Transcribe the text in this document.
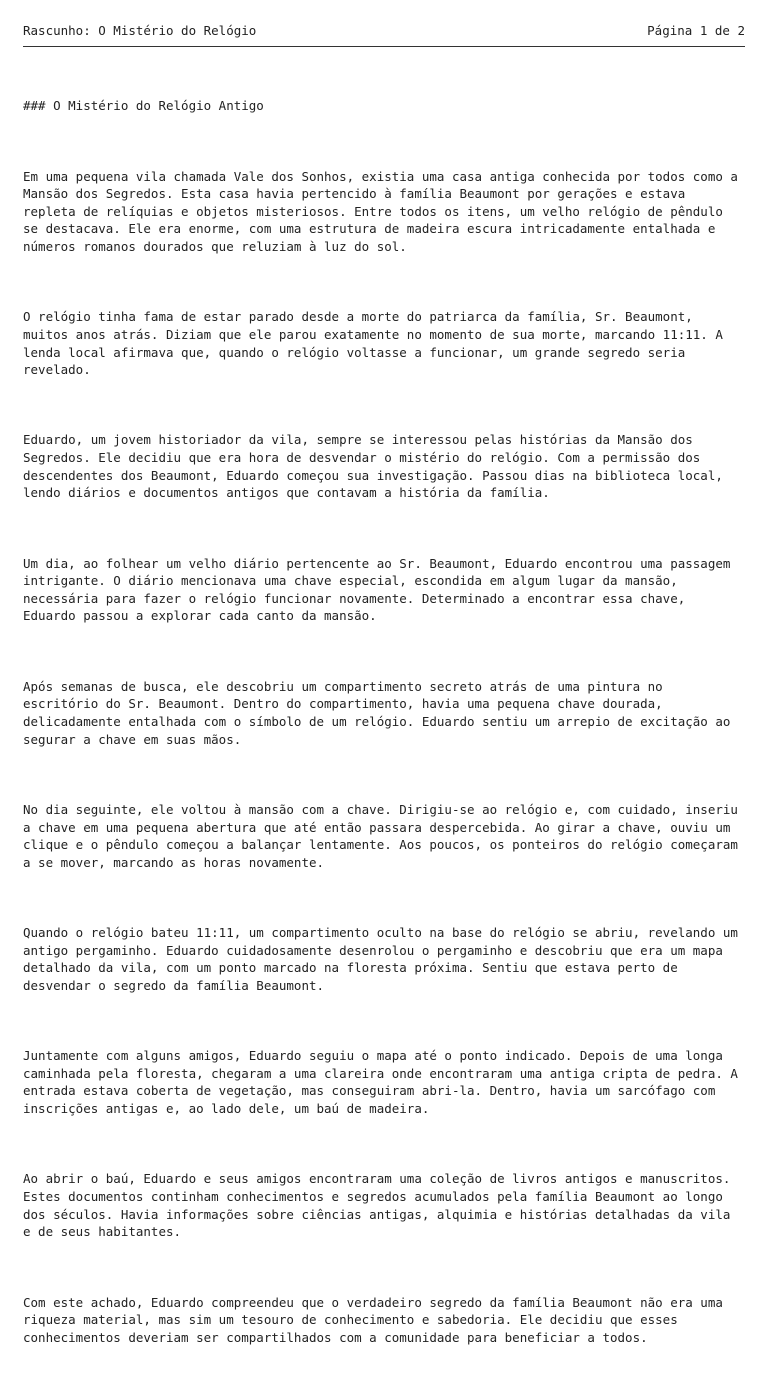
Rascunho: O Mistério do Relógio	Página 1 de 2

### O Mistério do Relógio Antigo

Em uma pequena vila chamada Vale dos Sonhos, existia uma casa antiga conhecida por todos como a
Mansão dos Segredos. Esta casa havia pertencido à família Beaumont por gerações e estava
repleta de relíquias e objetos misteriosos. Entre todos os itens, um velho relógio de pêndulo
se destacava. Ele era enorme, com uma estrutura de madeira escura intricadamente entalhada e
números romanos dourados que reluziam à luz do sol.

O relógio tinha fama de estar parado desde a morte do patriarca da família, Sr. Beaumont,
muitos anos atrás. Diziam que ele parou exatamente no momento de sua morte, marcando 11:11. A
lenda local afirmava que, quando o relógio voltasse a funcionar, um grande segredo seria
revelado.

Eduardo, um jovem historiador da vila, sempre se interessou pelas histórias da Mansão dos
Segredos. Ele decidiu que era hora de desvendar o mistério do relógio. Com a permissão dos
descendentes dos Beaumont, Eduardo começou sua investigação. Passou dias na biblioteca local,
lendo diários e documentos antigos que contavam a história da família.

Um dia, ao folhear um velho diário pertencente ao Sr. Beaumont, Eduardo encontrou uma passagem
intrigante. O diário mencionava uma chave especial, escondida em algum lugar da mansão,
necessária para fazer o relógio funcionar novamente. Determinado a encontrar essa chave,
Eduardo passou a explorar cada canto da mansão.

Após semanas de busca, ele descobriu um compartimento secreto atrás de uma pintura no
escritório do Sr. Beaumont. Dentro do compartimento, havia uma pequena chave dourada,
delicadamente entalhada com o símbolo de um relógio. Eduardo sentiu um arrepio de excitação ao
segurar a chave em suas mãos.

No dia seguinte, ele voltou à mansão com a chave. Dirigiu-se ao relógio e, com cuidado, inseriu
a chave em uma pequena abertura que até então passara despercebida. Ao girar a chave, ouviu um
clique e o pêndulo começou a balançar lentamente. Aos poucos, os ponteiros do relógio começaram
a se mover, marcando as horas novamente.

Quando o relógio bateu 11:11, um compartimento oculto na base do relógio se abriu, revelando um
antigo pergaminho. Eduardo cuidadosamente desenrolou o pergaminho e descobriu que era um mapa
detalhado da vila, com um ponto marcado na floresta próxima. Sentiu que estava perto de
desvendar o segredo da família Beaumont.

Juntamente com alguns amigos, Eduardo seguiu o mapa até o ponto indicado. Depois de uma longa
caminhada pela floresta, chegaram a uma clareira onde encontraram uma antiga cripta de pedra. A
entrada estava coberta de vegetação, mas conseguiram abri-la. Dentro, havia um sarcófago com
inscrições antigas e, ao lado dele, um baú de madeira.

Ao abrir o baú, Eduardo e seus amigos encontraram uma coleção de livros antigos e manuscritos.
Estes documentos continham conhecimentos e segredos acumulados pela família Beaumont ao longo
dos séculos. Havia informações sobre ciências antigas, alquimia e histórias detalhadas da vila
e de seus habitantes.

Com este achado, Eduardo compreendeu que o verdadeiro segredo da família Beaumont não era uma
riqueza material, mas sim um tesouro de conhecimento e sabedoria. Ele decidiu que esses
conhecimentos deveriam ser compartilhados com a comunidade para beneficiar a todos.
